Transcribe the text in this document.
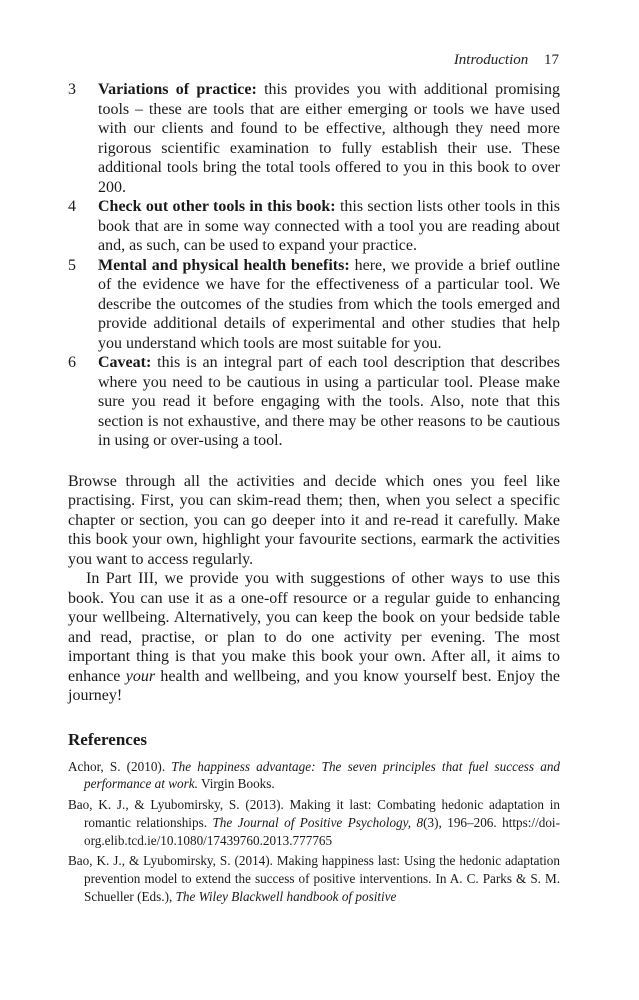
Introduction 17
3 Variations of practice: this provides you with additional promising tools – these are tools that are either emerging or tools we have used with our clients and found to be effective, although they need more rigorous scientific examination to fully establish their use. These additional tools bring the total tools offered to you in this book to over 200.
4 Check out other tools in this book: this section lists other tools in this book that are in some way connected with a tool you are reading about and, as such, can be used to expand your practice.
5 Mental and physical health benefits: here, we provide a brief outline of the evidence we have for the effectiveness of a particular tool. We describe the outcomes of the studies from which the tools emerged and provide additional details of experimental and other studies that help you understand which tools are most suitable for you.
6 Caveat: this is an integral part of each tool description that describes where you need to be cautious in using a particular tool. Please make sure you read it before engaging with the tools. Also, note that this section is not exhaustive, and there may be other reasons to be cautious in using or over-using a tool.

Browse through all the activities and decide which ones you feel like practising. First, you can skim-read them; then, when you select a specific chapter or section, you can go deeper into it and re-read it carefully. Make this book your own, highlight your favourite sections, earmark the activities you want to access regularly.

In Part III, we provide you with suggestions of other ways to use this book. You can use it as a one-off resource or a regular guide to enhancing your wellbeing. Alternatively, you can keep the book on your bedside table and read, practise, or plan to do one activity per evening. The most important thing is that you make this book your own. After all, it aims to enhance your health and wellbeing, and you know yourself best. Enjoy the journey!

References

Achor, S. (2010). The happiness advantage: The seven principles that fuel success and performance at work. Virgin Books.

Bao, K. J., & Lyubomirsky, S. (2013). Making it last: Combating hedonic adaptation in romantic relationships. The Journal of Positive Psychology, 8(3), 196–206. https://doi-org.elib.tcd.ie/10.1080/17439760.2013.777765

Bao, K. J., & Lyubomirsky, S. (2014). Making happiness last: Using the hedonic adaptation prevention model to extend the success of positive interventions. In A. C. Parks & S. M. Schueller (Eds.), The Wiley Blackwell handbook of positive
